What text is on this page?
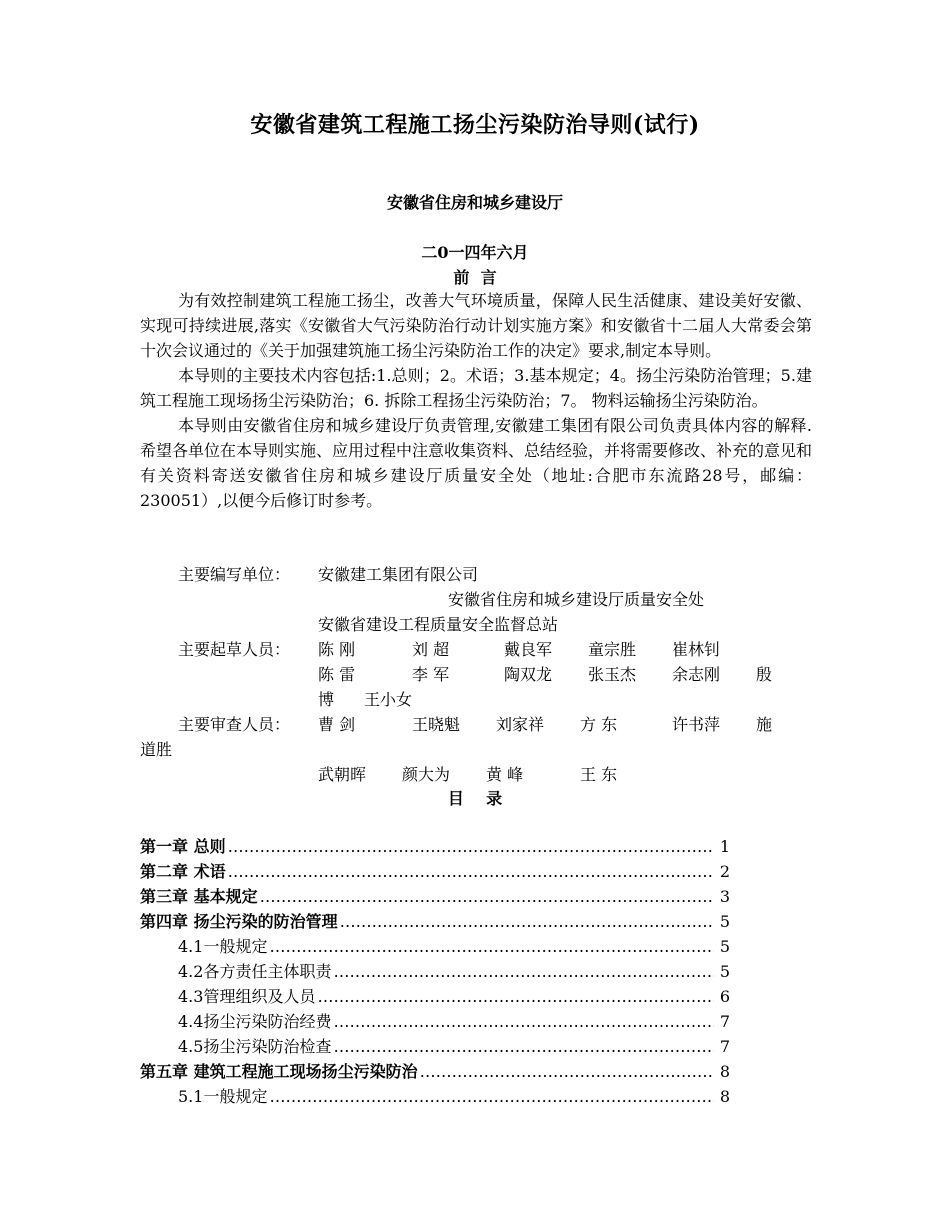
安徽省建筑工程施工扬尘污染防治导则(试行)
安徽省住房和城乡建设厅
二0一四年六月
前  言

为有效控制建筑工程施工扬尘，改善大气环境质量，保障人民生活健康、建设美好安徽、实现可持续进展,落实《安徽省大气污染防治行动计划实施方案》和安徽省十二届人大常委会第十次会议通过的《关于加强建筑施工扬尘污染防治工作的决定》要求,制定本导则。

本导则的主要技术内容包括:1.总则；2。术语；3.基本规定；4。扬尘污染防治管理；5.建筑工程施工现场扬尘污染防治；6. 拆除工程扬尘污染防治；7。 物料运输扬尘污染防治。

本导则由安徽省住房和城乡建设厅负责管理,安徽建工集团有限公司负责具体内容的解释.希望各单位在本导则实施、应用过程中注意收集资料、总结经验，并将需要修改、补充的意见和有关资料寄送安徽省住房和城乡建设厅质量安全处（地址:合肥市东流路28号，邮编：230051）,以便今后修订时参考。

主要编写单位： 安徽建工集团有限公司
安徽省住房和城乡建设厅质量安全处
安徽省建设工程质量安全监督总站
主要起草人员： 陈 刚	刘 超	戴良军 童宗胜 崔林钊
陈 雷	李 军	陶双龙 张玉杰 余志刚 殷
博 王小女
主要审查人员： 曹 剑	王晓魁 刘家祥 方 东	许书萍 施
道胜
武朝晖 颜大为 黄 峰	王 东
目    录
第一章 总则 ………………………………………………………………………………………………………………………………………………………………	1
第二章 术语 ………………………………………………………………………………………………………………………………………………………………	2
第三章 基本规定 ………………………………………………………………………………………………………………………………………………………………	3
第四章 扬尘污染的防治管理 ………………………………………………………………………………………………………………………………………………………………	5
4.1一般规定 ………………………………………………………………………………………………………………………………………………………………	5
4.2各方责任主体职责 ………………………………………………………………………………………………………………………………………………………………	5
4.3管理组织及人员 ………………………………………………………………………………………………………………………………………………………………	6
4.4扬尘污染防治经费 ………………………………………………………………………………………………………………………………………………………………	7
4.5扬尘污染防治检查 ………………………………………………………………………………………………………………………………………………………………	7
第五章 建筑工程施工现场扬尘污染防治 ………………………………………………………………………………………………………………………………………………………………	8
5.1一般规定 ………………………………………………………………………………………………………………………………………………………………	8
